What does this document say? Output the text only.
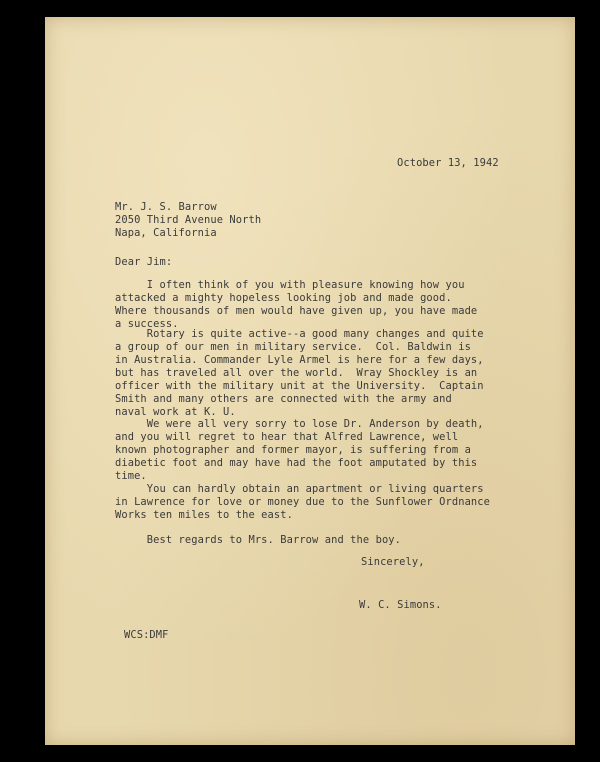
October 13, 1942

Mr. J. S. Barrow
2050 Third Avenue North
Napa, California

Dear Jim:

I often think of you with pleasure knowing how you
attacked a mighty hopeless looking job and made good.
Where thousands of men would have given up, you have made
a success.
Rotary is quite active--a good many changes and quite
a group of our men in military service.  Col. Baldwin is
in Australia. Commander Lyle Armel is here for a few days,
but has traveled all over the world.  Wray Shockley is an
officer with the military unit at the University.  Captain
Smith and many others are connected with the army and
naval work at K. U.
We were all very sorry to lose Dr. Anderson by death,
and you will regret to hear that Alfred Lawrence, well
known photographer and former mayor, is suffering from a
diabetic foot and may have had the foot amputated by this
time.
You can hardly obtain an apartment or living quarters
in Lawrence for love or money due to the Sunflower Ordnance
Works ten miles to the east.
Best regards to Mrs. Barrow and the boy.

Sincerely,

W. C. Simons.

WCS:DMF
